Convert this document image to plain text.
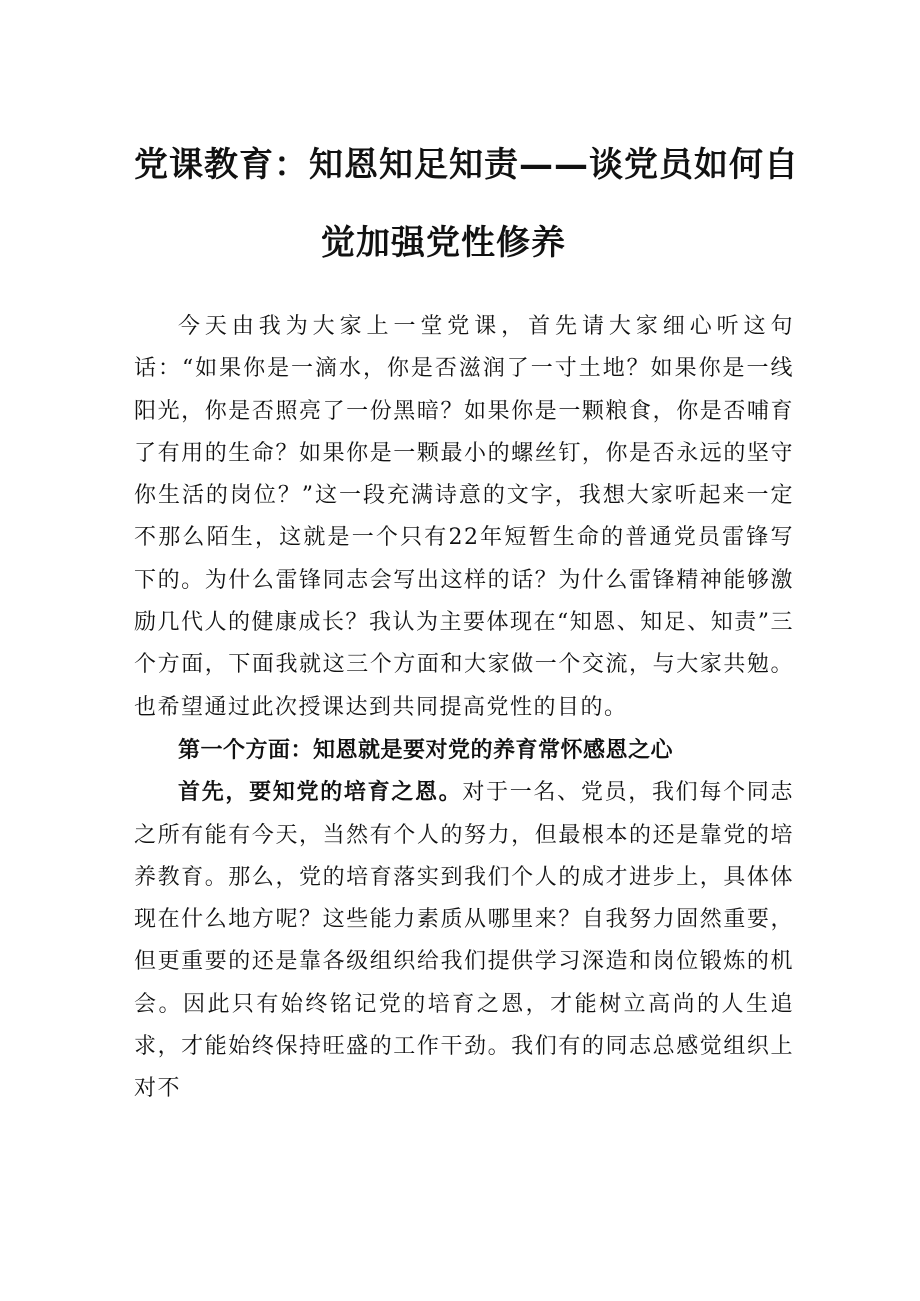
党课教育：知恩知足知责——谈党员如何自
觉加强党性修养

今天由我为大家上一堂党课，首先请大家细心听这句话：“如果你是一滴水，你是否滋润了一寸土地？如果你是一线阳光，你是否照亮了一份黑暗？如果你是一颗粮食，你是否哺育了有用的生命？如果你是一颗最小的螺丝钉，你是否永远的坚守你生活的岗位？”这一段充满诗意的文字，我想大家听起来一定不那么陌生，这就是一个只有22年短暂生命的普通党员雷锋写下的。为什么雷锋同志会写出这样的话？为什么雷锋精神能够激励几代人的健康成长？我认为主要体现在“知恩、知足、知责”三个方面，下面我就这三个方面和大家做一个交流，与大家共勉。也希望通过此次授课达到共同提高党性的目的。

第一个方面：知恩就是要对党的养育常怀感恩之心

首先，要知党的培育之恩。对于一名、党员，我们每个同志之所有能有今天，当然有个人的努力，但最根本的还是靠党的培养教育。那么，党的培育落实到我们个人的成才进步上，具体体现在什么地方呢？这些能力素质从哪里来？自我努力固然重要，但更重要的还是靠各级组织给我们提供学习深造和岗位锻炼的机会。因此只有始终铭记党的培育之恩，才能树立高尚的人生追求，才能始终保持旺盛的工作干劲。我们有的同志总感觉组织上对不
